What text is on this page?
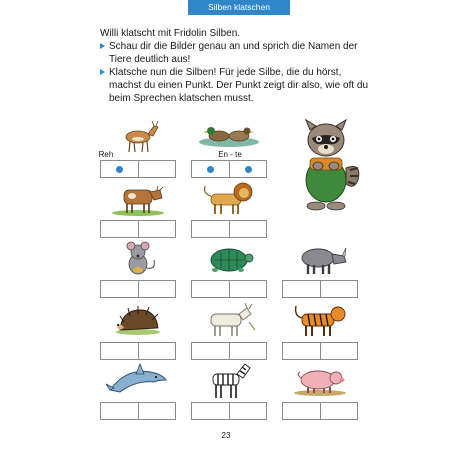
Silben klatschen
Willi klatscht mit Fridolin Silben.
Schau dir die Bilder genau an und sprich die Namen der Tiere deutlich aus!
Klatsche nun die Silben! Für jede Silbe, die du hörst, machst du einen Punkt. Der Punkt zeigt dir also, wie oft du beim Sprechen klatschen musst.
Reh	En - te
23
